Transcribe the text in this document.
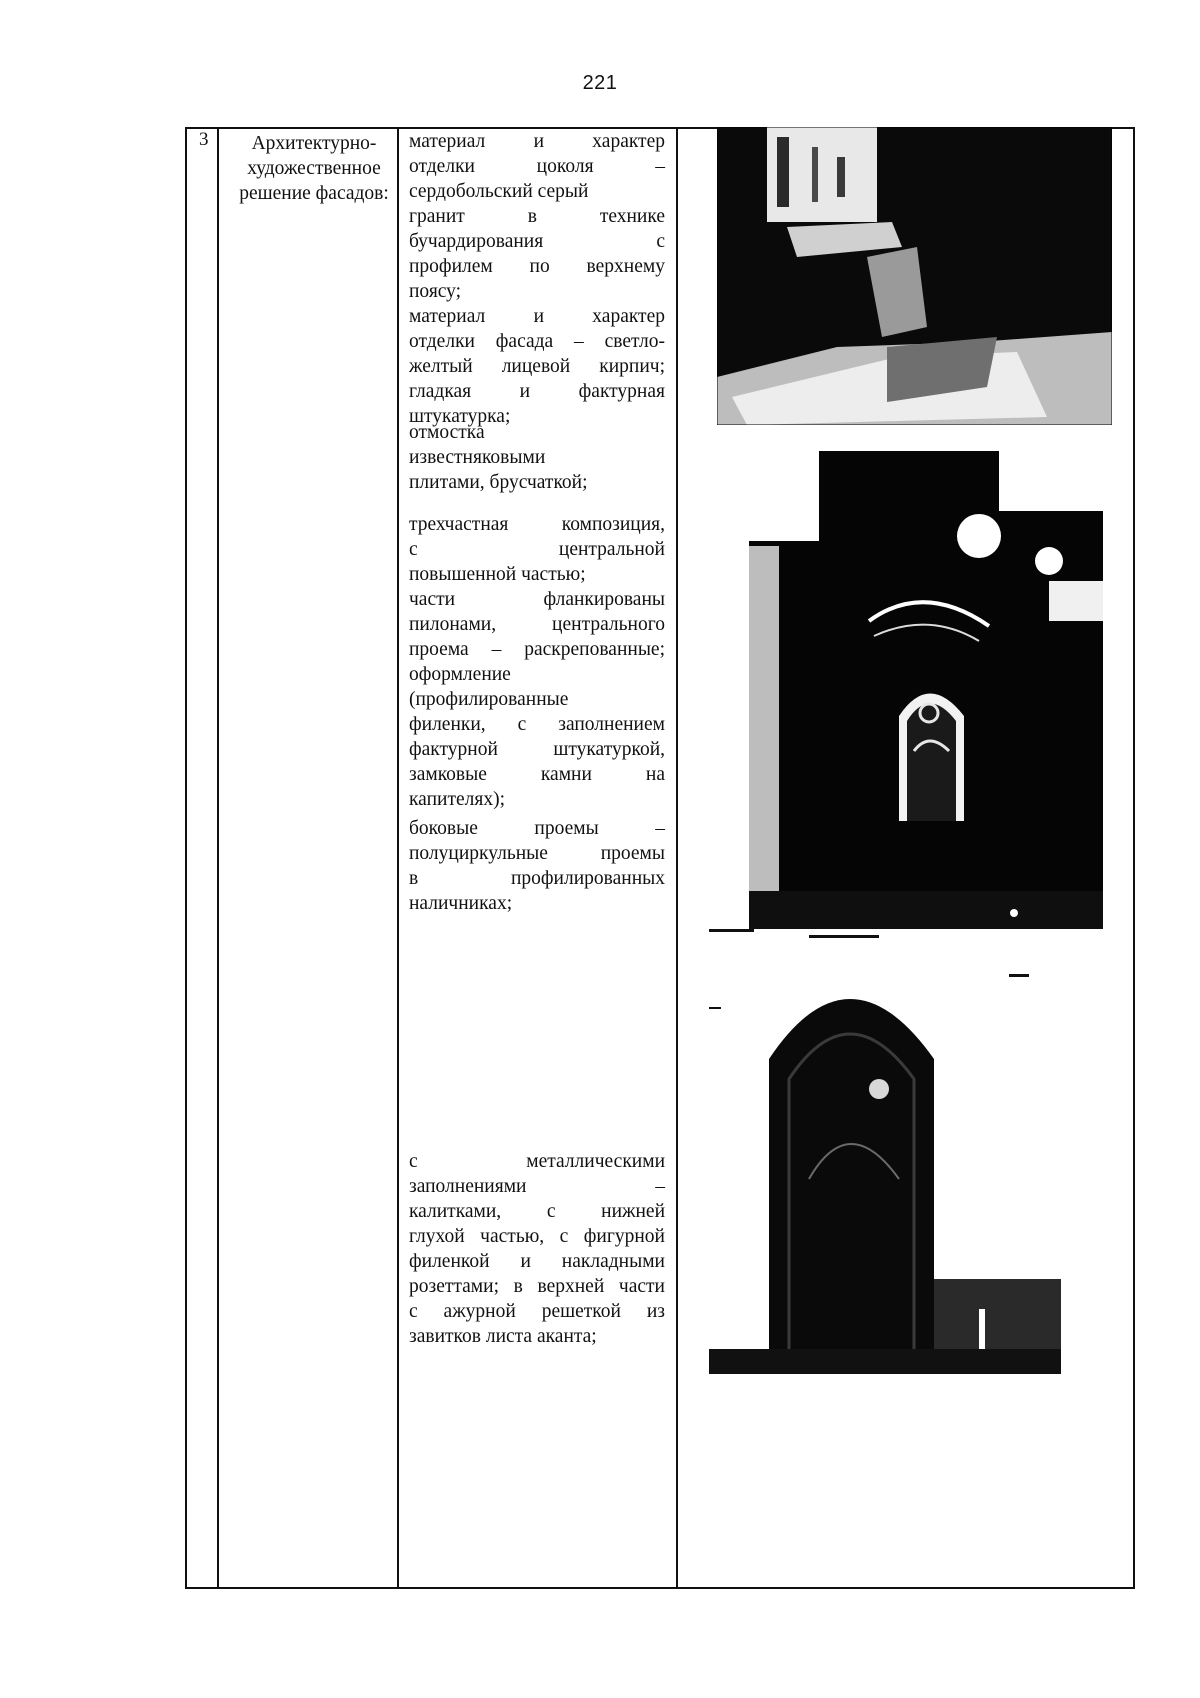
221
3	Архитектурно-художественное решение фасадов:
материал и характер
отделки цоколя –
сердобольский серый
гранит в технике
бучардирования с
профилем по верхнему
поясу;
материал и характер
отделки фасада – светло-
желтый лицевой кирпич;
гладкая и фактурная
штукатурка;
отмостка
известняковыми
плитами, брусчаткой;
трехчастная композиция,
с центральной
повышенной частью;
части фланкированы
пилонами, центрального
проема – раскрепованные;
оформление
(профилированные
филенки, с заполнением
фактурной штукатуркой,
замковые камни на
капителях);
боковые проемы –
полуциркульные проемы
в профилированных
наличниках;
с металлическими
заполнениями –
калитками, с нижней
глухой частью, с фигурной
филенкой и накладными
розеттами; в верхней части
с ажурной решеткой из
завитков листа аканта;
